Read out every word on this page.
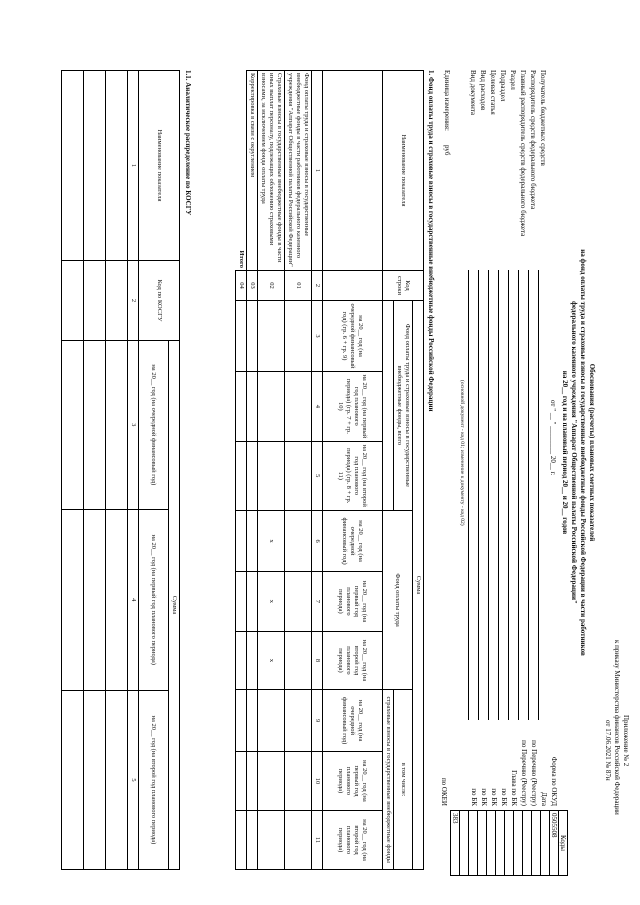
Приложение № 2
к приказу Министерства финансов Российской Федерации
от 17.06.2021 № 87н
Обоснования (расчеты) плановых сметных показателей
на фонд оплаты труда и страховые взносы в государственные внебюджетные фонды Российской Федерации в части работников
федерального казенного учреждения "Аппарат Общественной палаты Российской Федерации"
на 20__ год и на плановый период 20__ и 20__ годов
от " __ " ________ 20__ г.
Коды
0505508

383
Форма по ОКУД
Дата
по Перечню (Реестру)
по Перечню (Реестру)
Глава по БК
по БК
по БК
по БК
по БК
по ОКЕИ
Получатель бюджетных средств
Распорядитель средств федерального бюджета
Главный распорядитель средств федерального бюджета
Раздел
Подраздел
Целевая статья
Вид расходов
Вид документа
Единица измерения:
руб
(основной документ - код 01; изменение к документу - код 02)
1. Фонд оплаты труда и страховые взносы в государственные внебюджетные фонды Российской Федерации
Наименование показателя	Код строки	Сумма								
		Фонд оплаты труда и страховые взносы в государственные внебюджетные фонды, всего			Фонд оплаты труда			в том числе:		
								страховые взносы в государственные внебюджетные фонды		
		на 20__ год (на очередной финансовый год) (гр. 6 + гр. 9)	на 20__ год (на первый год планового периода) (гр. 7 + гр. 10)	на 20__ год (на второй год планового периода) (гр. 8 + гр. 11)	на 20__ год (на очередной финансовый год)	на 20__ год (на первый год планового периода)	на 20__ год (на второй год планового периода)	на 20__ год (на очередной финансовый год)	на 20__ год (на первый год планового периода)	на 20__ год (на второй год планового периода)
1	2	3	4	5	6	7	8	9	10	11
Фонд оплаты труда и страховые взносы в государственные внебюджетные фонды в части работников федерального казенного учреждения "Аппарат Общественной палаты Российской Федерации"	01									
Страховые взносы в государственные внебюджетные фонды в части иных выплат персоналу, подлежащих обложению страховыми взносами, за исключением фонда оплаты труда	02				x	x	x			
Корректировка в связи с округлением	03									
Итого	04									
1.1. Аналитическое распределение по КОСГУ
Наименование показателя	Код по КОСГУ	Сумма		
		на 20__ год (на очередной финансовый год)	на 20__ год (на первый год планового периода)	на 20__ год (на второй год планового периода)
1	2	3	4	5
